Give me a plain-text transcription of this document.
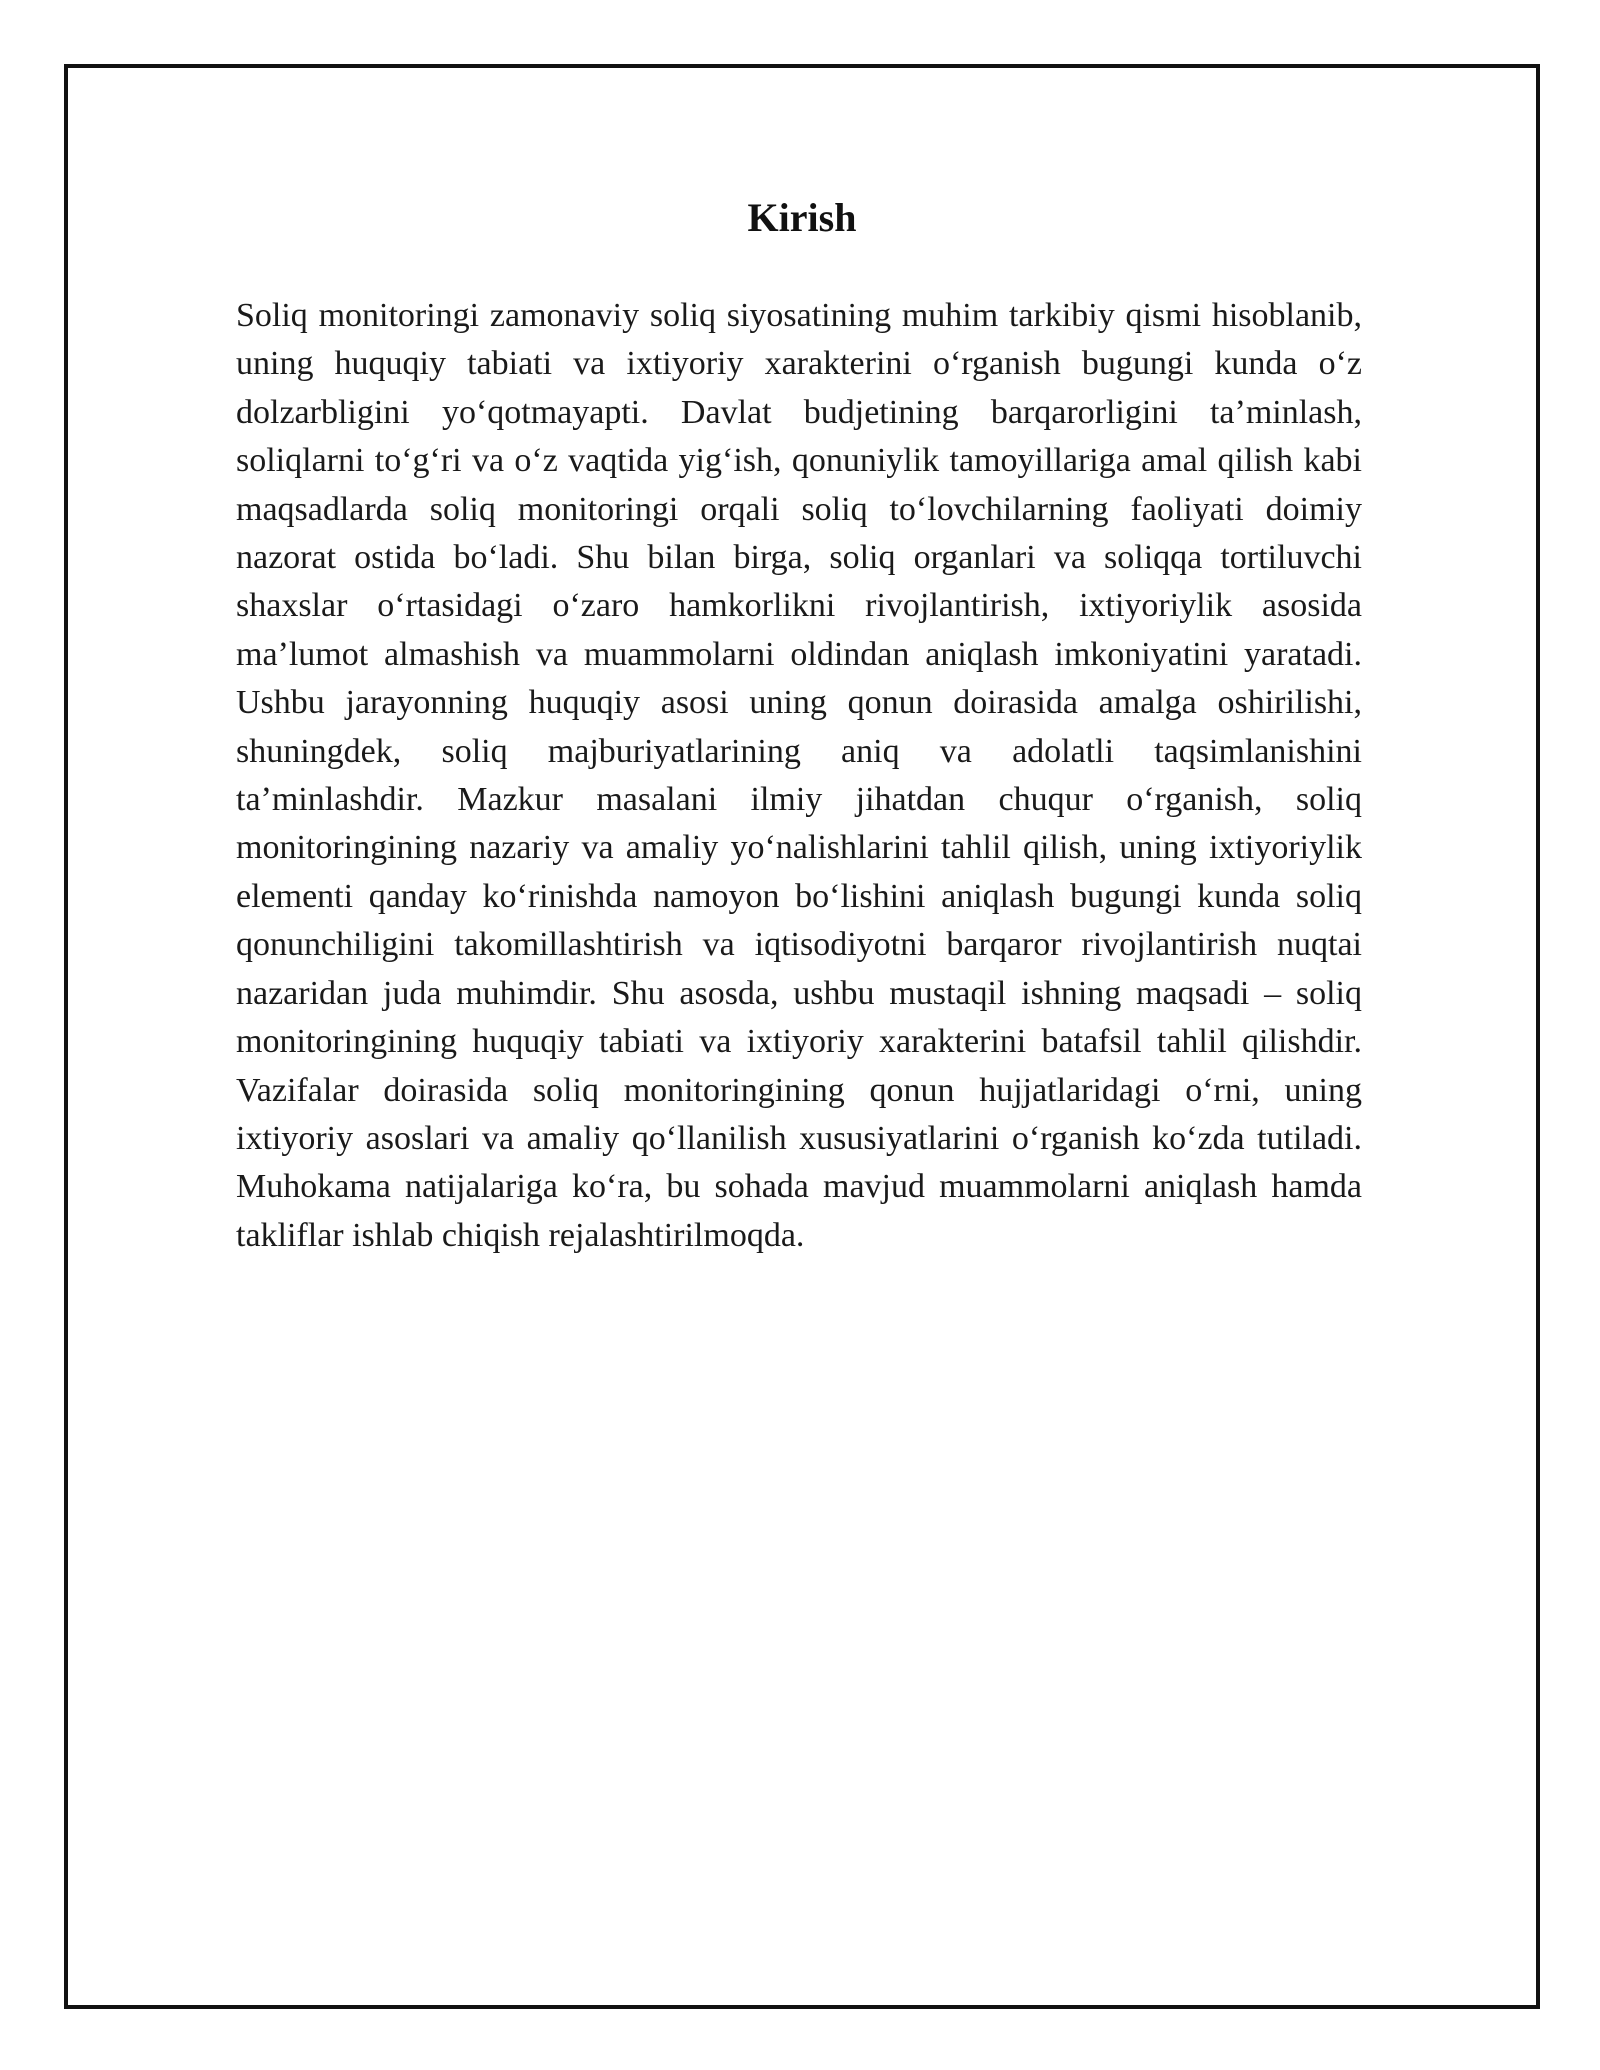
Kirish

Soliq monitoringi zamonaviy soliq siyosatining muhim tarkibiy qismi hisoblanib, uning huquqiy tabiati va ixtiyoriy xarakterini oʻrganish bugungi kunda oʻz dolzarbligini yoʻqotmayapti. Davlat budjetining barqarorligini taʼminlash, soliqlarni toʻgʻri va oʻz vaqtida yigʻish, qonuniylik tamoyillariga amal qilish kabi maqsadlarda soliq monitoringi orqali soliq toʻlovchilarning faoliyati doimiy nazorat ostida boʻladi. Shu bilan birga, soliq organlari va soliqqa tortiluvchi shaxslar oʻrtasidagi oʻzaro hamkorlikni rivojlantirish, ixtiyoriylik asosida maʼlumot almashish va muammolarni oldindan aniqlash imkoniyatini yaratadi. Ushbu jarayonning huquqiy asosi uning qonun doirasida amalga oshirilishi, shuningdek, soliq majburiyatlarining aniq va adolatli taqsimlanishini taʼminlashdir. Mazkur masalani ilmiy jihatdan chuqur oʻrganish, soliq monitoringining nazariy va amaliy yoʻnalishlarini tahlil qilish, uning ixtiyoriylik elementi qanday koʻrinishda namoyon boʻlishini aniqlash bugungi kunda soliq qonunchiligini takomillashtirish va iqtisodiyotni barqaror rivojlantirish nuqtai nazaridan juda muhimdir. Shu asosda, ushbu mustaqil ishning maqsadi – soliq monitoringining huquqiy tabiati va ixtiyoriy xarakterini batafsil tahlil qilishdir. Vazifalar doirasida soliq monitoringining qonun hujjatlaridagi oʻrni, uning ixtiyoriy asoslari va amaliy qoʻllanilish xususiyatlarini oʻrganish koʻzda tutiladi. Muhokama natijalariga koʻra, bu sohada mavjud muammolarni aniqlash hamda takliflar ishlab chiqish rejalashtirilmoqda.
